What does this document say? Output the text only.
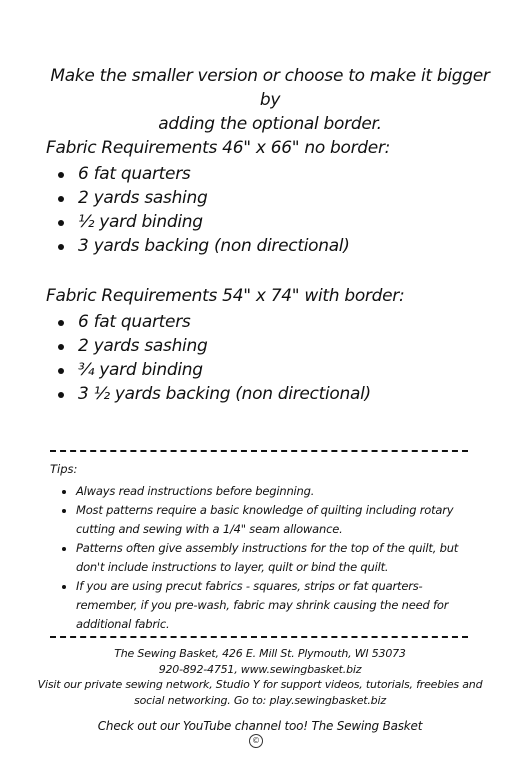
Make the smaller version or choose to make it bigger by
adding the optional border.
Fabric Requirements 46" x 66" no border:
6 fat quarters
2 yards sashing
½ yard binding
3 yards backing (non directional)
Fabric Requirements 54" x 74" with border:
6 fat quarters
2 yards sashing
¾ yard binding
3 ½ yards backing (non directional)
Tips:
Always read instructions before beginning.
Most patterns require a basic knowledge of quilting including rotary cutting and sewing with a 1/4" seam allowance.
Patterns often give assembly instructions for the top of the quilt, but don't include instructions to layer, quilt or bind the quilt.
If you are using precut fabrics - squares, strips or fat quarters- remember, if you pre-wash, fabric may shrink causing the need for additional fabric.
The Sewing Basket, 426 E. Mill St. Plymouth, WI 53073
920-892-4751, www.sewingbasket.biz
Visit our private sewing network, Studio Y for support videos, tutorials, freebies and
social networking. Go to: play.sewingbasket.biz
Check out our YouTube channel too! The Sewing Basket
©
